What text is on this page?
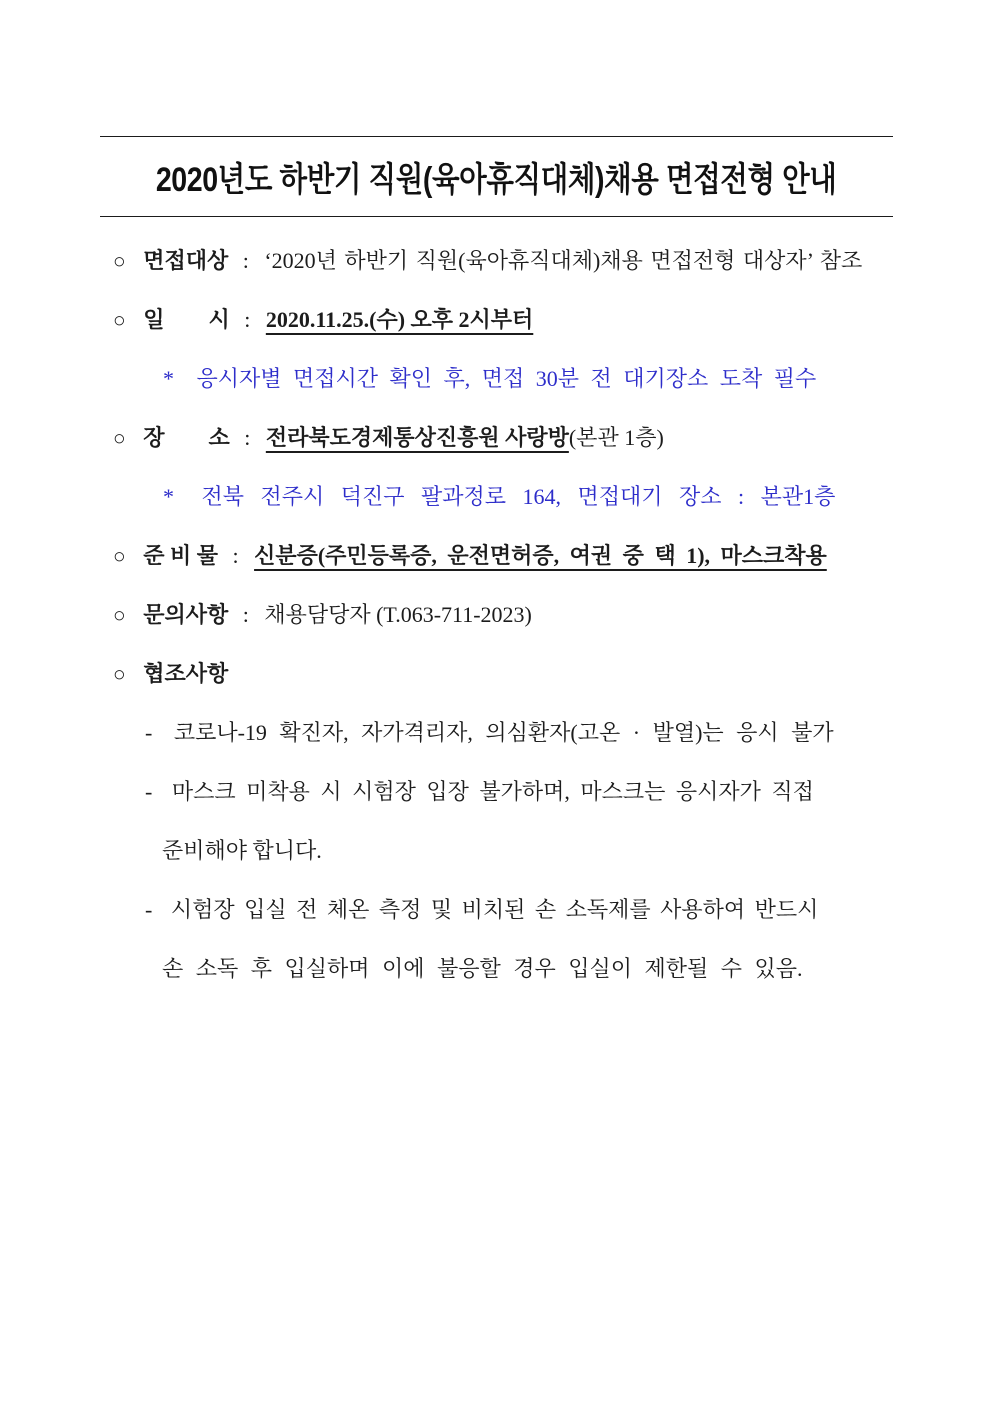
2020년도 하반기 직원(육아휴직대체)채용 면접전형 안내
○ 면접대상 : ‘2020년 하반기 직원(육아휴직대체)채용 면접전형 대상자’ 참조
○ 일　　시 : 2020.11.25.(수) 오후 2시부터
* 응시자별 면접시간 확인 후, 면접 30분 전 대기장소 도착 필수
○ 장　　소 : 전라북도경제통상진흥원 사랑방(본관 1층)
* 전북 전주시 덕진구 팔과정로 164, 면접대기 장소 : 본관1층
○ 준 비 물 : 신분증(주민등록증, 운전면허증, 여권 중 택 1), 마스크착용
○ 문의사항 : 채용담당자 (T.063-711-2023)
○ 협조사항
- 코로나-19 확진자, 자가격리자, 의심환자(고온 · 발열)는 응시 불가
- 마스크 미착용 시 시험장 입장 불가하며, 마스크는 응시자가 직접
준비해야 합니다.
- 시험장 입실 전 체온 측정 및 비치된 손 소독제를 사용하여 반드시
손 소독 후 입실하며 이에 불응할 경우 입실이 제한될 수 있음.
